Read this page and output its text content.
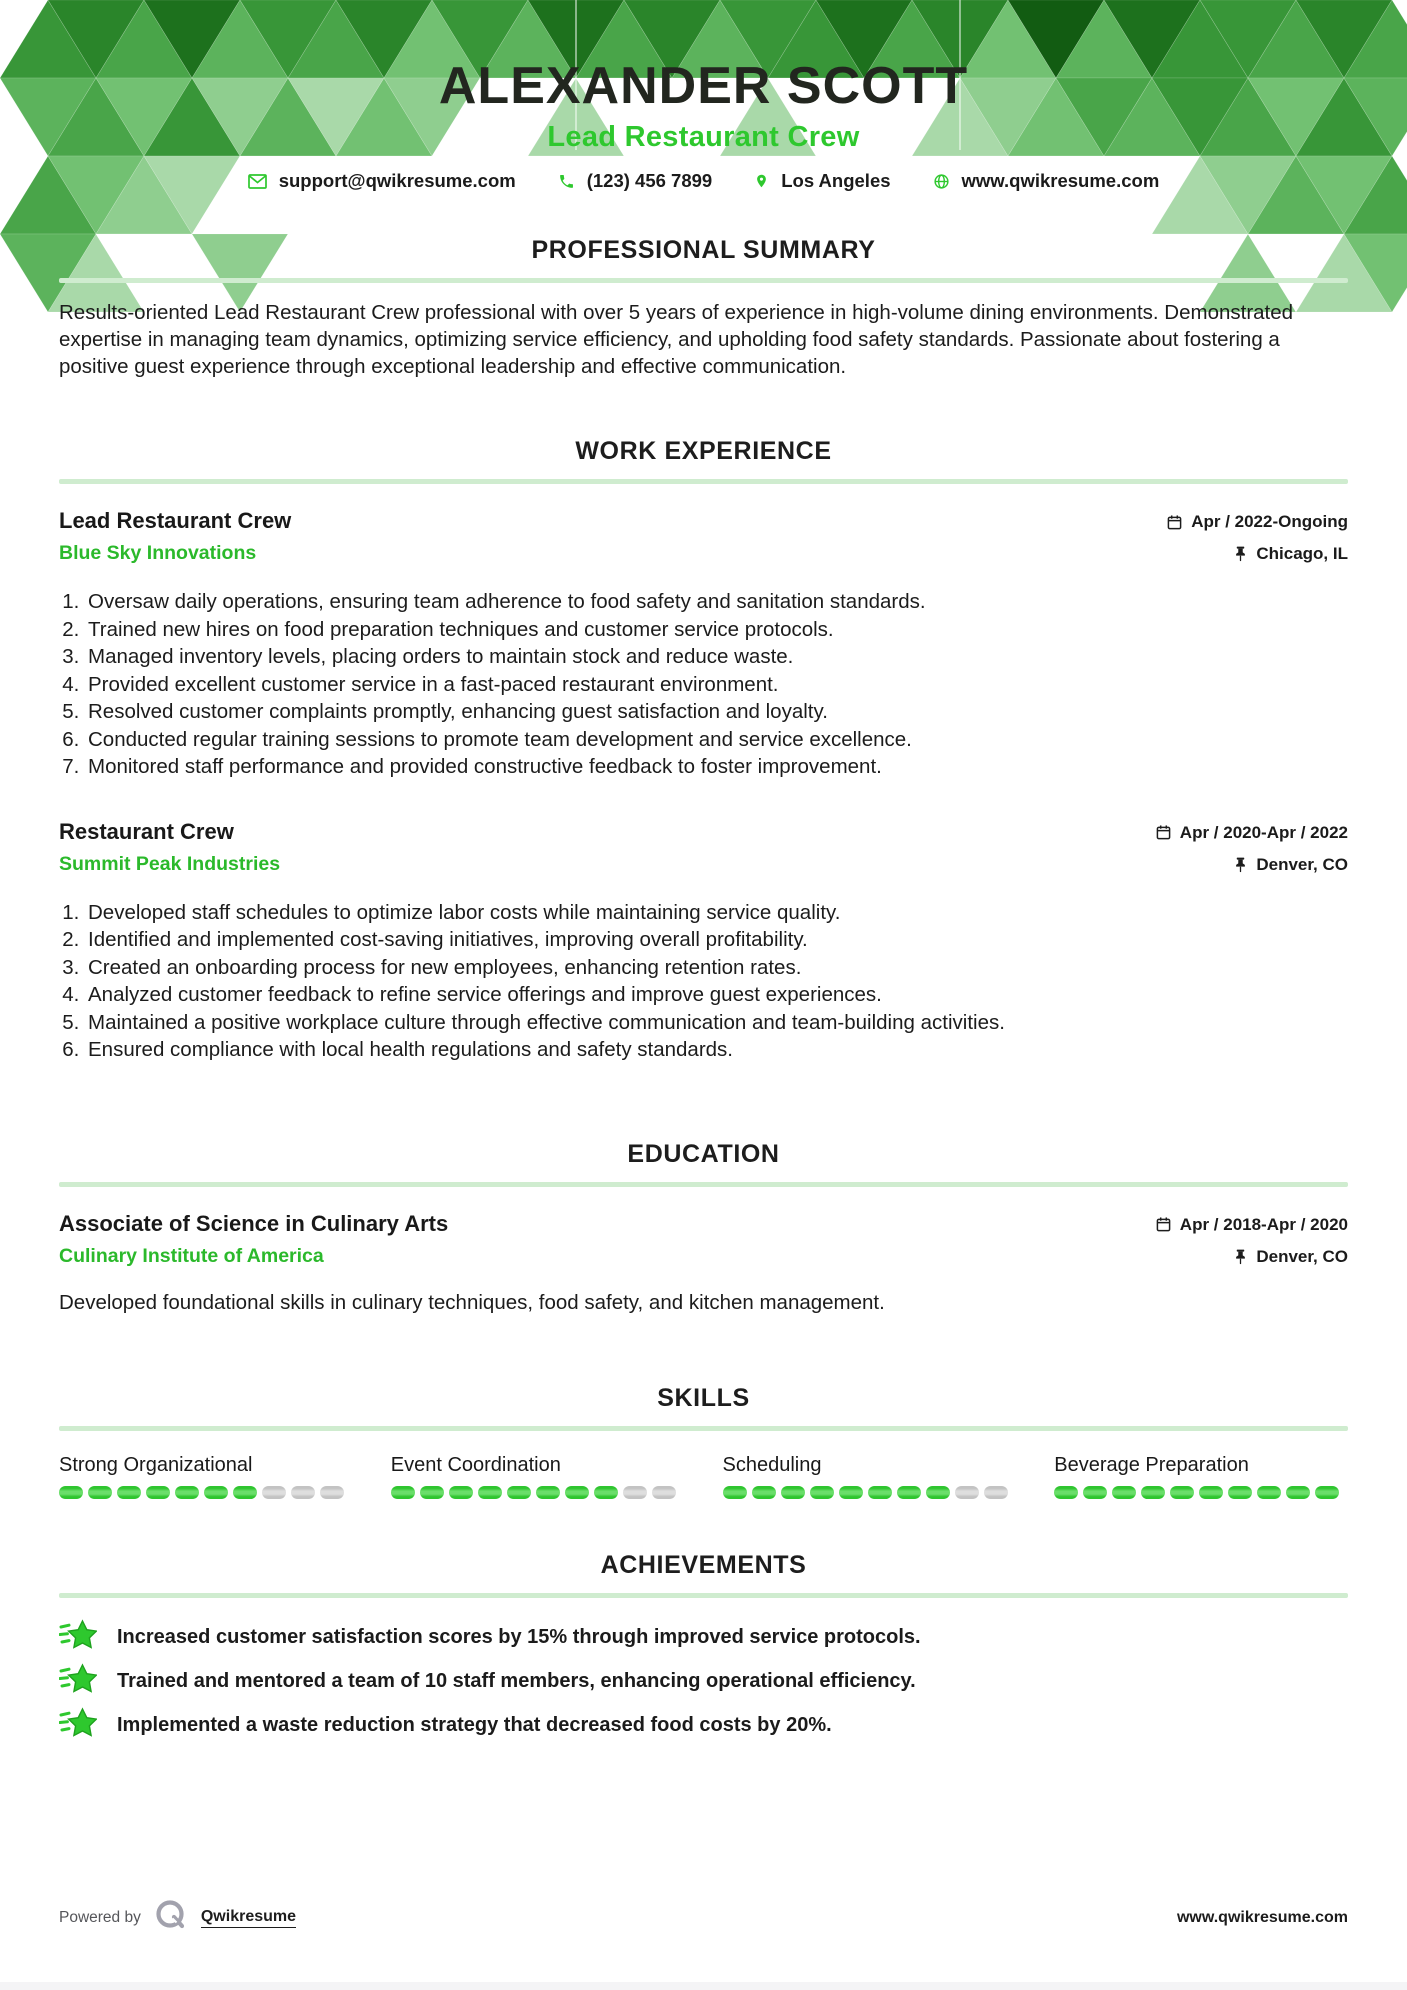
ALEXANDER SCOTT
Lead Restaurant Crew
support@qwikresume.com	(123) 456 7899	Los Angeles	www.qwikresume.com
PROFESSIONAL SUMMARY

Results-oriented Lead Restaurant Crew professional with over 5 years of experience in high-volume dining environments. Demonstrated expertise in managing team dynamics, optimizing service efficiency, and upholding food safety standards. Passionate about fostering a positive guest experience through exceptional leadership and effective communication.

WORK EXPERIENCE
Lead Restaurant Crew
Blue Sky Innovations
Apr / 2022-Ongoing
Chicago, IL
1. Oversaw daily operations, ensuring team adherence to food safety and sanitation standards.
2. Trained new hires on food preparation techniques and customer service protocols.
3. Managed inventory levels, placing orders to maintain stock and reduce waste.
4. Provided excellent customer service in a fast-paced restaurant environment.
5. Resolved customer complaints promptly, enhancing guest satisfaction and loyalty.
6. Conducted regular training sessions to promote team development and service excellence.
7. Monitored staff performance and provided constructive feedback to foster improvement.
Restaurant Crew
Summit Peak Industries
Apr / 2020-Apr / 2022
Denver, CO
1. Developed staff schedules to optimize labor costs while maintaining service quality.
2. Identified and implemented cost-saving initiatives, improving overall profitability.
3. Created an onboarding process for new employees, enhancing retention rates.
4. Analyzed customer feedback to refine service offerings and improve guest experiences.
5. Maintained a positive workplace culture through effective communication and team-building activities.
6. Ensured compliance with local health regulations and safety standards.
EDUCATION
Associate of Science in Culinary Arts
Culinary Institute of America
Apr / 2018-Apr / 2020
Denver, CO

Developed foundational skills in culinary techniques, food safety, and kitchen management.

SKILLS
Strong Organizational	Event Coordination	Scheduling	Beverage Preparation
ACHIEVEMENTS
Increased customer satisfaction scores by 15% through improved service protocols.
Trained and mentored a team of 10 staff members, enhancing operational efficiency.
Implemented a waste reduction strategy that decreased food costs by 20%.
Powered by	Qwikresume	www.qwikresume.com
